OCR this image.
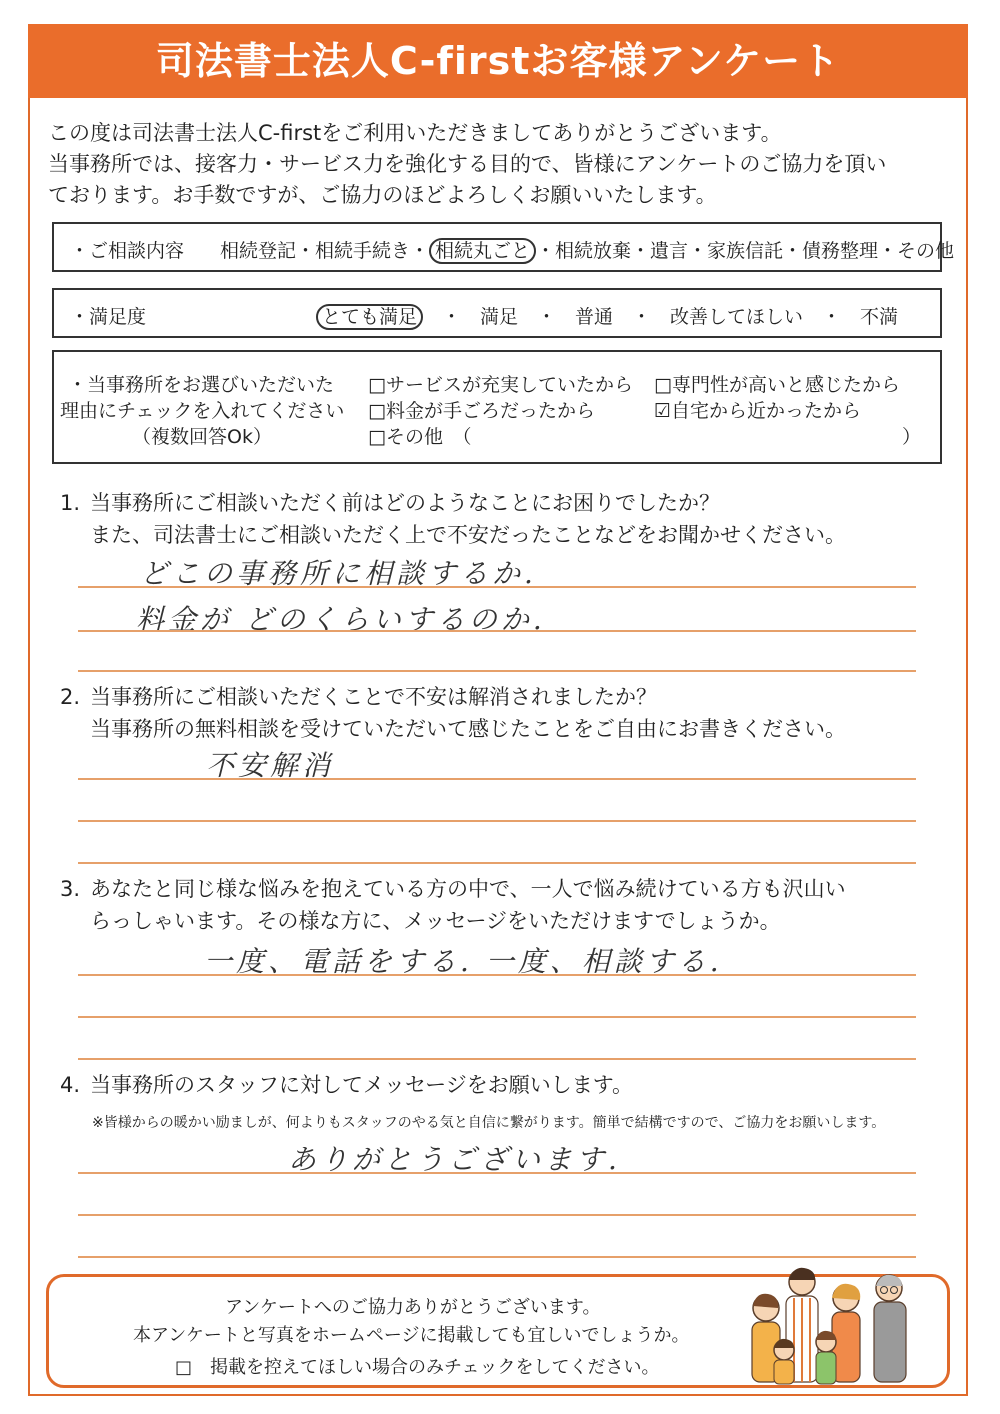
司法書士法人C-firstお客様アンケート
この度は司法書士法人C-firstをご利用いただきましてありがとうございます。
当事務所では、接客力・サービス力を強化する目的で、皆様にアンケートのご協力を頂い
ております。お手数ですが、ご協力のほどよろしくお願いいたします。
・ご相談内容 相続登記・相続手続き・ 相続丸ごと ・相続放棄・遺言・家族信託・債務整理・その他
・満足度	とても満足　 ・　満足　・　普通　・　改善してほしい　・　不満
・当事務所をお選びいただいた
理由にチェックを入れてください
（複数回答Ok）
□サービスが充実していたから □専門性が高いと感じたから
□料金が手ごろだったから	☑自宅から近かったから
□その他　（	）
1. 当事務所にご相談いただく前はどのようなことにお困りでしたか？
また、司法書士にご相談いただく上で不安だったことなどをお聞かせください。
どこの事務所に相談するか.
料金が どのくらいするのか.
2. 当事務所にご相談いただくことで不安は解消されましたか？
当事務所の無料相談を受けていただいて感じたことをご自由にお書きください。
不安解消
3. あなたと同じ様な悩みを抱えている方の中で、一人で悩み続けている方も沢山い
らっしゃいます。その様な方に、メッセージをいただけますでしょうか。
一度、電話をする. 一度、相談する.
4. 当事務所のスタッフに対してメッセージをお願いします。
※皆様からの暖かい励ましが、何よりもスタッフのやる気と自信に繋がります。簡単で結構ですので、ご協力をお願いします。
ありがとうございます.
アンケートへのご協力ありがとうございます。
本アンケートと写真をホームページに掲載しても宜しいでしょうか。
□　掲載を控えてほしい場合のみチェックをしてください。
